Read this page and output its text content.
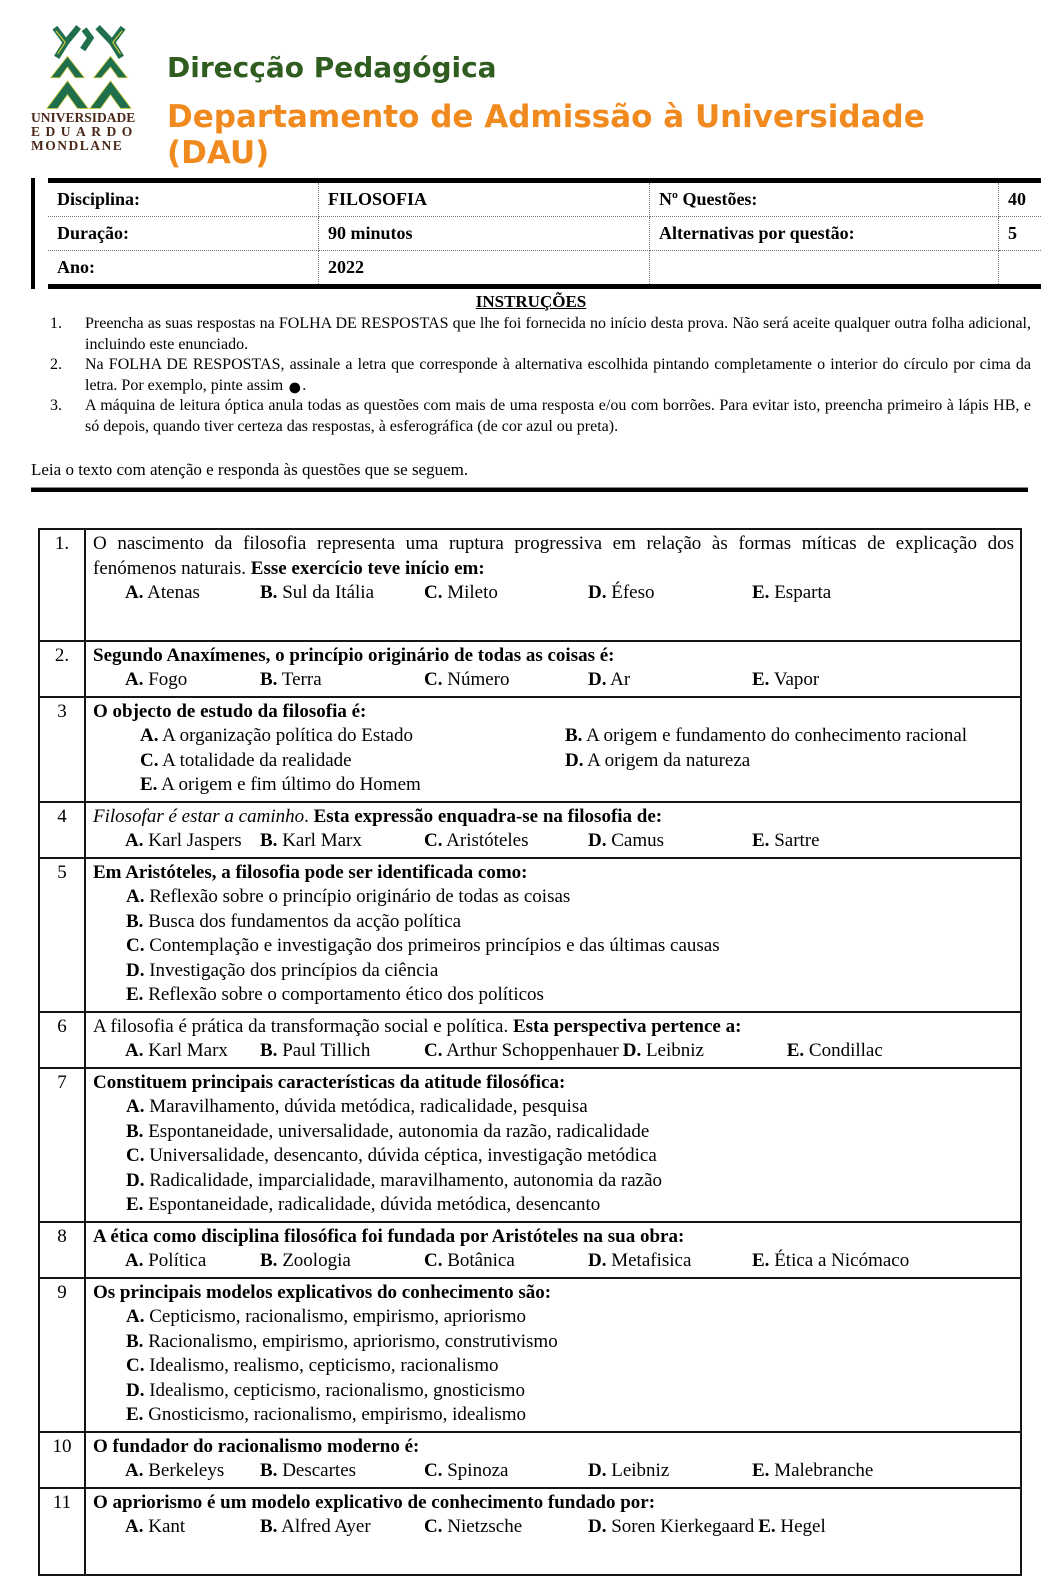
UNIVERSIDADE
EDUARDO
MONDLANE
Direcção Pedagógica
Departamento de Admissão à Universidade (DAU)
Disciplina:	FILOSOFIA	Nº Questões:	40
Duração:	90 minutos	Alternativas por questão:	5
Ano:	2022		
INSTRUÇÕES
1.	Preencha as suas respostas na FOLHA DE RESPOSTAS que lhe foi fornecida no início desta prova. Não será aceite qualquer outra folha adicional, incluindo este enunciado.
2.	Na FOLHA DE RESPOSTAS, assinale a letra que corresponde à alternativa escolhida pintando completamente o interior do círculo por cima da letra. Por exemplo, pinte assim ●.
3.	A máquina de leitura óptica anula todas as questões com mais de uma resposta e/ou com borrões. Para evitar isto, preencha primeiro à lápis HB, e só depois, quando tiver certeza das respostas, à esferográfica (de cor azul ou preta).
Leia o texto com atenção e responda às questões que se seguem.
1.	O nascimento da filosofia representa uma ruptura progressiva em relação às formas míticas de explicação dos fenómenos naturais. Esse exercício teve início em:
A. Atenas B. Sul da Itália C. Mileto D. Éfeso E. Esparta

2.	Segundo Anaxímenes, o princípio originário de todas as coisas é:
A. Fogo B. Terra C. Número D. Ar E. Vapor

3	O objecto de estudo da filosofia é:
A. A organização política do Estado	B. A origem e fundamento do conhecimento racional
C. A totalidade da realidade	D. A origem da natureza
E. A origem e fim último do Homem

4	Filosofar é estar a caminho. Esta expressão enquadra-se na filosofia de:
A. Karl Jaspers B. Karl Marx C. Aristóteles D. Camus E. Sartre

5	Em Aristóteles, a filosofia pode ser identificada como:
A. Reflexão sobre o princípio originário de todas as coisas
B. Busca dos fundamentos da acção política
C. Contemplação e investigação dos primeiros princípios e das últimas causas
D. Investigação dos princípios da ciência
E. Reflexão sobre o comportamento ético dos políticos

6	A filosofia é prática da transformação social e política. Esta perspectiva pertence a:
A. Karl Marx B. Paul Tillich C. Arthur Schoppenhauer D. Leibniz E. Condillac

7	Constituem principais características da atitude filosófica:
A. Maravilhamento, dúvida metódica, radicalidade, pesquisa
B. Espontaneidade, universalidade, autonomia da razão, radicalidade
C. Universalidade, desencanto, dúvida céptica, investigação metódica
D. Radicalidade, imparcialidade, maravilhamento, autonomia da razão
E. Espontaneidade, radicalidade, dúvida metódica, desencanto

8	A ética como disciplina filosófica foi fundada por Aristóteles na sua obra:
A. Política B. Zoologia C. Botânica D. Metafisica E. Ética a Nicómaco

9	Os principais modelos explicativos do conhecimento são:
A. Cepticismo, racionalismo, empirismo, apriorismo
B. Racionalismo, empirismo, apriorismo, construtivismo
C. Idealismo, realismo, cepticismo, racionalismo
D. Idealismo, cepticismo, racionalismo, gnosticismo
E. Gnosticismo, racionalismo, empirismo, idealismo

10	O fundador do racionalismo moderno é:
A. Berkeleys B. Descartes C. Spinoza D. Leibniz E. Malebranche

11	O apriorismo é um modelo explicativo de conhecimento fundado por:
A. Kant B. Alfred Ayer C. Nietzsche D. Soren Kierkegaard E. Hegel
